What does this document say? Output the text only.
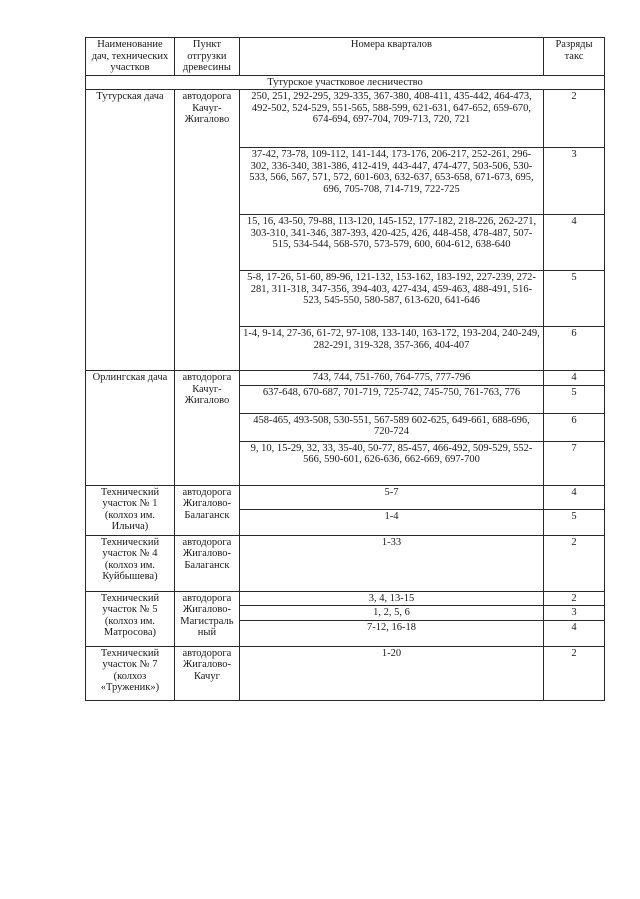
Наименование дач, технических участков	Пункт отгрузки древесины	Номера кварталов	Разряды такс
Тутурское участковое лесничество			
Тутурская дача	автодорога Качуг-Жигалово	250, 251, 292-295, 329-335, 367-380, 408-411, 435-442, 464-473, 492-502, 524-529, 551-565, 588-599, 621-631, 647-652, 659-670, 674-694, 697-704, 709-713, 720, 721	2
		37-42, 73-78, 109-112, 141-144, 173-176, 206-217, 252-261, 296-302, 336-340, 381-386, 412-419, 443-447, 474-477, 503-506, 530-533, 566, 567, 571, 572, 601-603, 632-637, 653-658, 671-673, 695, 696, 705-708, 714-719, 722-725	3
		15, 16, 43-50, 79-88, 113-120, 145-152, 177-182, 218-226, 262-271, 303-310, 341-346, 387-393, 420-425, 426, 448-458, 478-487, 507-515, 534-544, 568-570, 573-579, 600, 604-612, 638-640	4
		5-8, 17-26, 51-60, 89-96, 121-132, 153-162, 183-192, 227-239, 272-281, 311-318, 347-356, 394-403, 427-434, 459-463, 488-491, 516-523, 545-550, 580-587, 613-620, 641-646	5
		1-4, 9-14, 27-36, 61-72, 97-108, 133-140, 163-172, 193-204, 240-249, 282-291, 319-328, 357-366, 404-407	6
Орлингская дача	автодорога Качуг-Жигалово	743, 744, 751-760, 764-775, 777-796	4
		637-648, 670-687, 701-719, 725-742, 745-750, 761-763, 776	5
		458-465, 493-508, 530-551, 567-589 602-625, 649-661, 688-696, 720-724	6
		9, 10, 15-29, 32, 33, 35-40, 50-77, 85-457, 466-492, 509-529, 552-566, 590-601, 626-636, 662-669, 697-700	7
Технический участок № 1 (колхоз им. Ильича)	автодорога Жигалово-Балаганск	5-7	4
		1-4	5
Технический участок № 4 (колхоз им. Куйбышева)	автодорога Жигалово-Балаганск	1-33	2
Технический участок № 5 (колхоз им. Матросова)	автодорога Жигалово-Магистраль ный	3, 4, 13-15	2
		1, 2, 5, 6	3
		7-12, 16-18	4
Технический участок № 7 (колхоз «Труженик»)	автодорога Жигалово-Качуг	1-20	2
